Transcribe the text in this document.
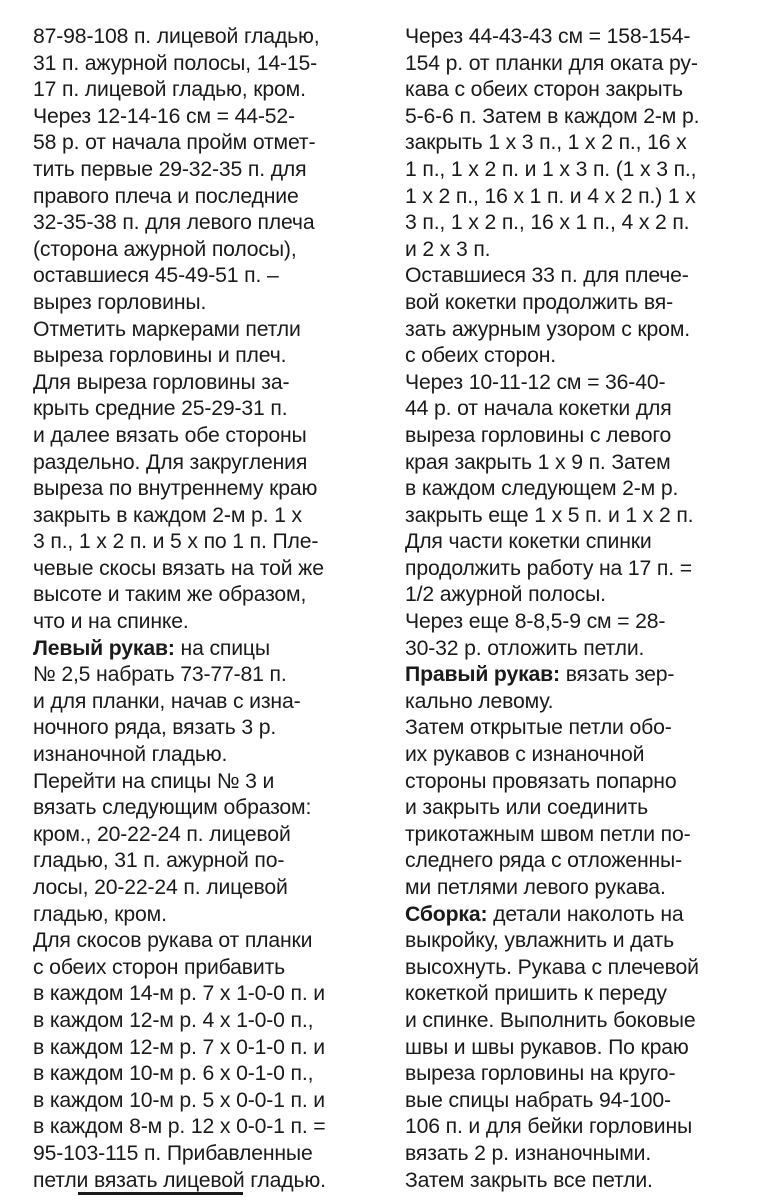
87-98-108 п. лицевой гладью,
31 п. ажурной полосы, 14-15-
17 п. лицевой гладью, кром.
Через 12-14-16 см = 44-52-
58 р. от начала пройм отмет-
тить первые 29-32-35 п. для
правого плеча и последние
32-35-38 п. для левого плеча
(сторона ажурной полосы),
оставшиеся 45-49-51 п. –
вырез горловины.
Отметить маркерами петли
выреза горловины и плеч.
Для выреза горловины за-
крыть средние 25-29-31 п.
и далее вязать обе стороны
раздельно. Для закругления
выреза по внутреннему краю
закрыть в каждом 2-м р. 1 х
3 п., 1 х 2 п. и 5 х по 1 п. Пле-
чевые скосы вязать на той же
высоте и таким же образом,
что и на спинке.
Левый рукав: на спицы
№ 2,5 набрать 73-77-81 п.
и для планки, начав с изна-
ночного ряда, вязать 3 р.
изнаночной гладью.
Перейти на спицы № 3 и
вязать следующим образом:
кром., 20-22-24 п. лицевой
гладью, 31 п. ажурной по-
лосы, 20-22-24 п. лицевой
гладью, кром.
Для скосов рукава от планки
с обеих сторон прибавить
в каждом 14-м р. 7 х 1-0-0 п. и
в каждом 12-м р. 4 х 1-0-0 п.,
в каждом 12-м р. 7 х 0-1-0 п. и
в каждом 10-м р. 6 х 0-1-0 п.,
в каждом 10-м р. 5 х 0-0-1 п. и
в каждом 8-м р. 12 х 0-0-1 п. =
95-103-115 п. Прибавленные
петли вязать лицевой гладью.
Через 44-43-43 см = 158-154-
154 р. от планки для оката ру-
кава с обеих сторон закрыть
5-6-6 п. Затем в каждом 2-м р.
закрыть 1 х 3 п., 1 х 2 п., 16 х
1 п., 1 х 2 п. и 1 х 3 п. (1 х 3 п.,
1 х 2 п., 16 х 1 п. и 4 х 2 п.) 1 х
3 п., 1 х 2 п., 16 х 1 п., 4 х 2 п.
и 2 х 3 п.
Оставшиеся 33 п. для плече-
вой кокетки продолжить вя-
зать ажурным узором с кром.
с обеих сторон.
Через 10-11-12 см = 36-40-
44 р. от начала кокетки для
выреза горловины с левого
края закрыть 1 х 9 п. Затем
в каждом следующем 2-м р.
закрыть еще 1 х 5 п. и 1 х 2 п.
Для части кокетки спинки
продолжить работу на 17 п. =
1/2 ажурной полосы.
Через еще 8-8,5-9 см = 28-
30-32 р. отложить петли.
Правый рукав: вязать зер-
кально левому.
Затем открытые петли обо-
их рукавов с изнаночной
стороны провязать попарно
и закрыть или соединить
трикотажным швом петли по-
следнего ряда с отложенны-
ми петлями левого рукава.
Сборка: детали наколоть на
выкройку, увлажнить и дать
высохнуть. Рукава с плечевой
кокеткой пришить к переду
и спинке. Выполнить боковые
швы и швы рукавов. По краю
выреза горловины на круго-
вые спицы набрать 94-100-
106 п. и для бейки горловины
вязать 2 р. изнаночными.
Затем закрыть все петли.
